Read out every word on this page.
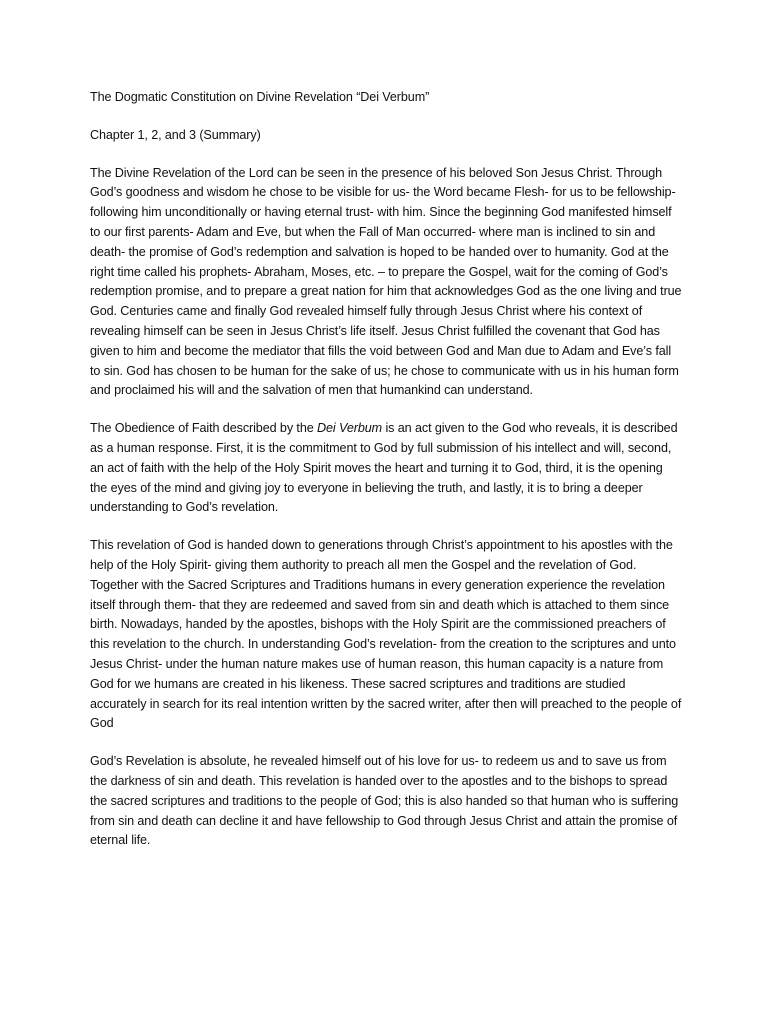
The Dogmatic Constitution on Divine Revelation “Dei Verbum”

Chapter 1, 2, and 3 (Summary)

The Divine Revelation of the Lord can be seen in the presence of his beloved Son Jesus Christ. Through God’s goodness and wisdom he chose to be visible for us- the Word became Flesh- for us to be fellowship- following him unconditionally or having eternal trust- with him. Since the beginning God manifested himself to our first parents- Adam and Eve, but when the Fall of Man occurred- where man is inclined to sin and death- the promise of God’s redemption and salvation is hoped to be handed over to humanity. God at the right time called his prophets- Abraham, Moses, etc. – to prepare the Gospel, wait for the coming of God’s redemption promise, and to prepare a great nation for him that acknowledges God as the one living and true God. Centuries came and finally God revealed himself fully through Jesus Christ where his context of revealing himself can be seen in Jesus Christ’s life itself. Jesus Christ fulfilled the covenant that God has given to him and become the mediator that fills the void between God and Man due to Adam and Eve’s fall to sin. God has chosen to be human for the sake of us; he chose to communicate with us in his human form and proclaimed his will and the salvation of men that humankind can understand.

The Obedience of Faith described by the Dei Verbum is an act given to the God who reveals, it is described as a human response. First, it is the commitment to God by full submission of his intellect and will, second, an act of faith with the help of the Holy Spirit moves the heart and turning it to God, third, it is the opening the eyes of the mind and giving joy to everyone in believing the truth, and lastly, it is to bring a deeper understanding to God’s revelation.

This revelation of God is handed down to generations through Christ’s appointment to his apostles with the help of the Holy Spirit- giving them authority to preach all men the Gospel and the revelation of God. Together with the Sacred Scriptures and Traditions humans in every generation experience the revelation itself through them- that they are redeemed and saved from sin and death which is attached to them since birth. Nowadays, handed by the apostles, bishops with the Holy Spirit are the commissioned preachers of this revelation to the church. In understanding God’s revelation- from the creation to the scriptures and unto Jesus Christ- under the human nature makes use of human reason, this human capacity is a nature from God for we humans are created in his likeness. These sacred scriptures and traditions are studied accurately in search for its real intention written by the sacred writer, after then will preached to the people of God

God’s Revelation is absolute, he revealed himself out of his love for us- to redeem us and to save us from the darkness of sin and death. This revelation is handed over to the apostles and to the bishops to spread the sacred scriptures and traditions to the people of God; this is also handed so that human who is suffering from sin and death can decline it and have fellowship to God through Jesus Christ and attain the promise of eternal life.
